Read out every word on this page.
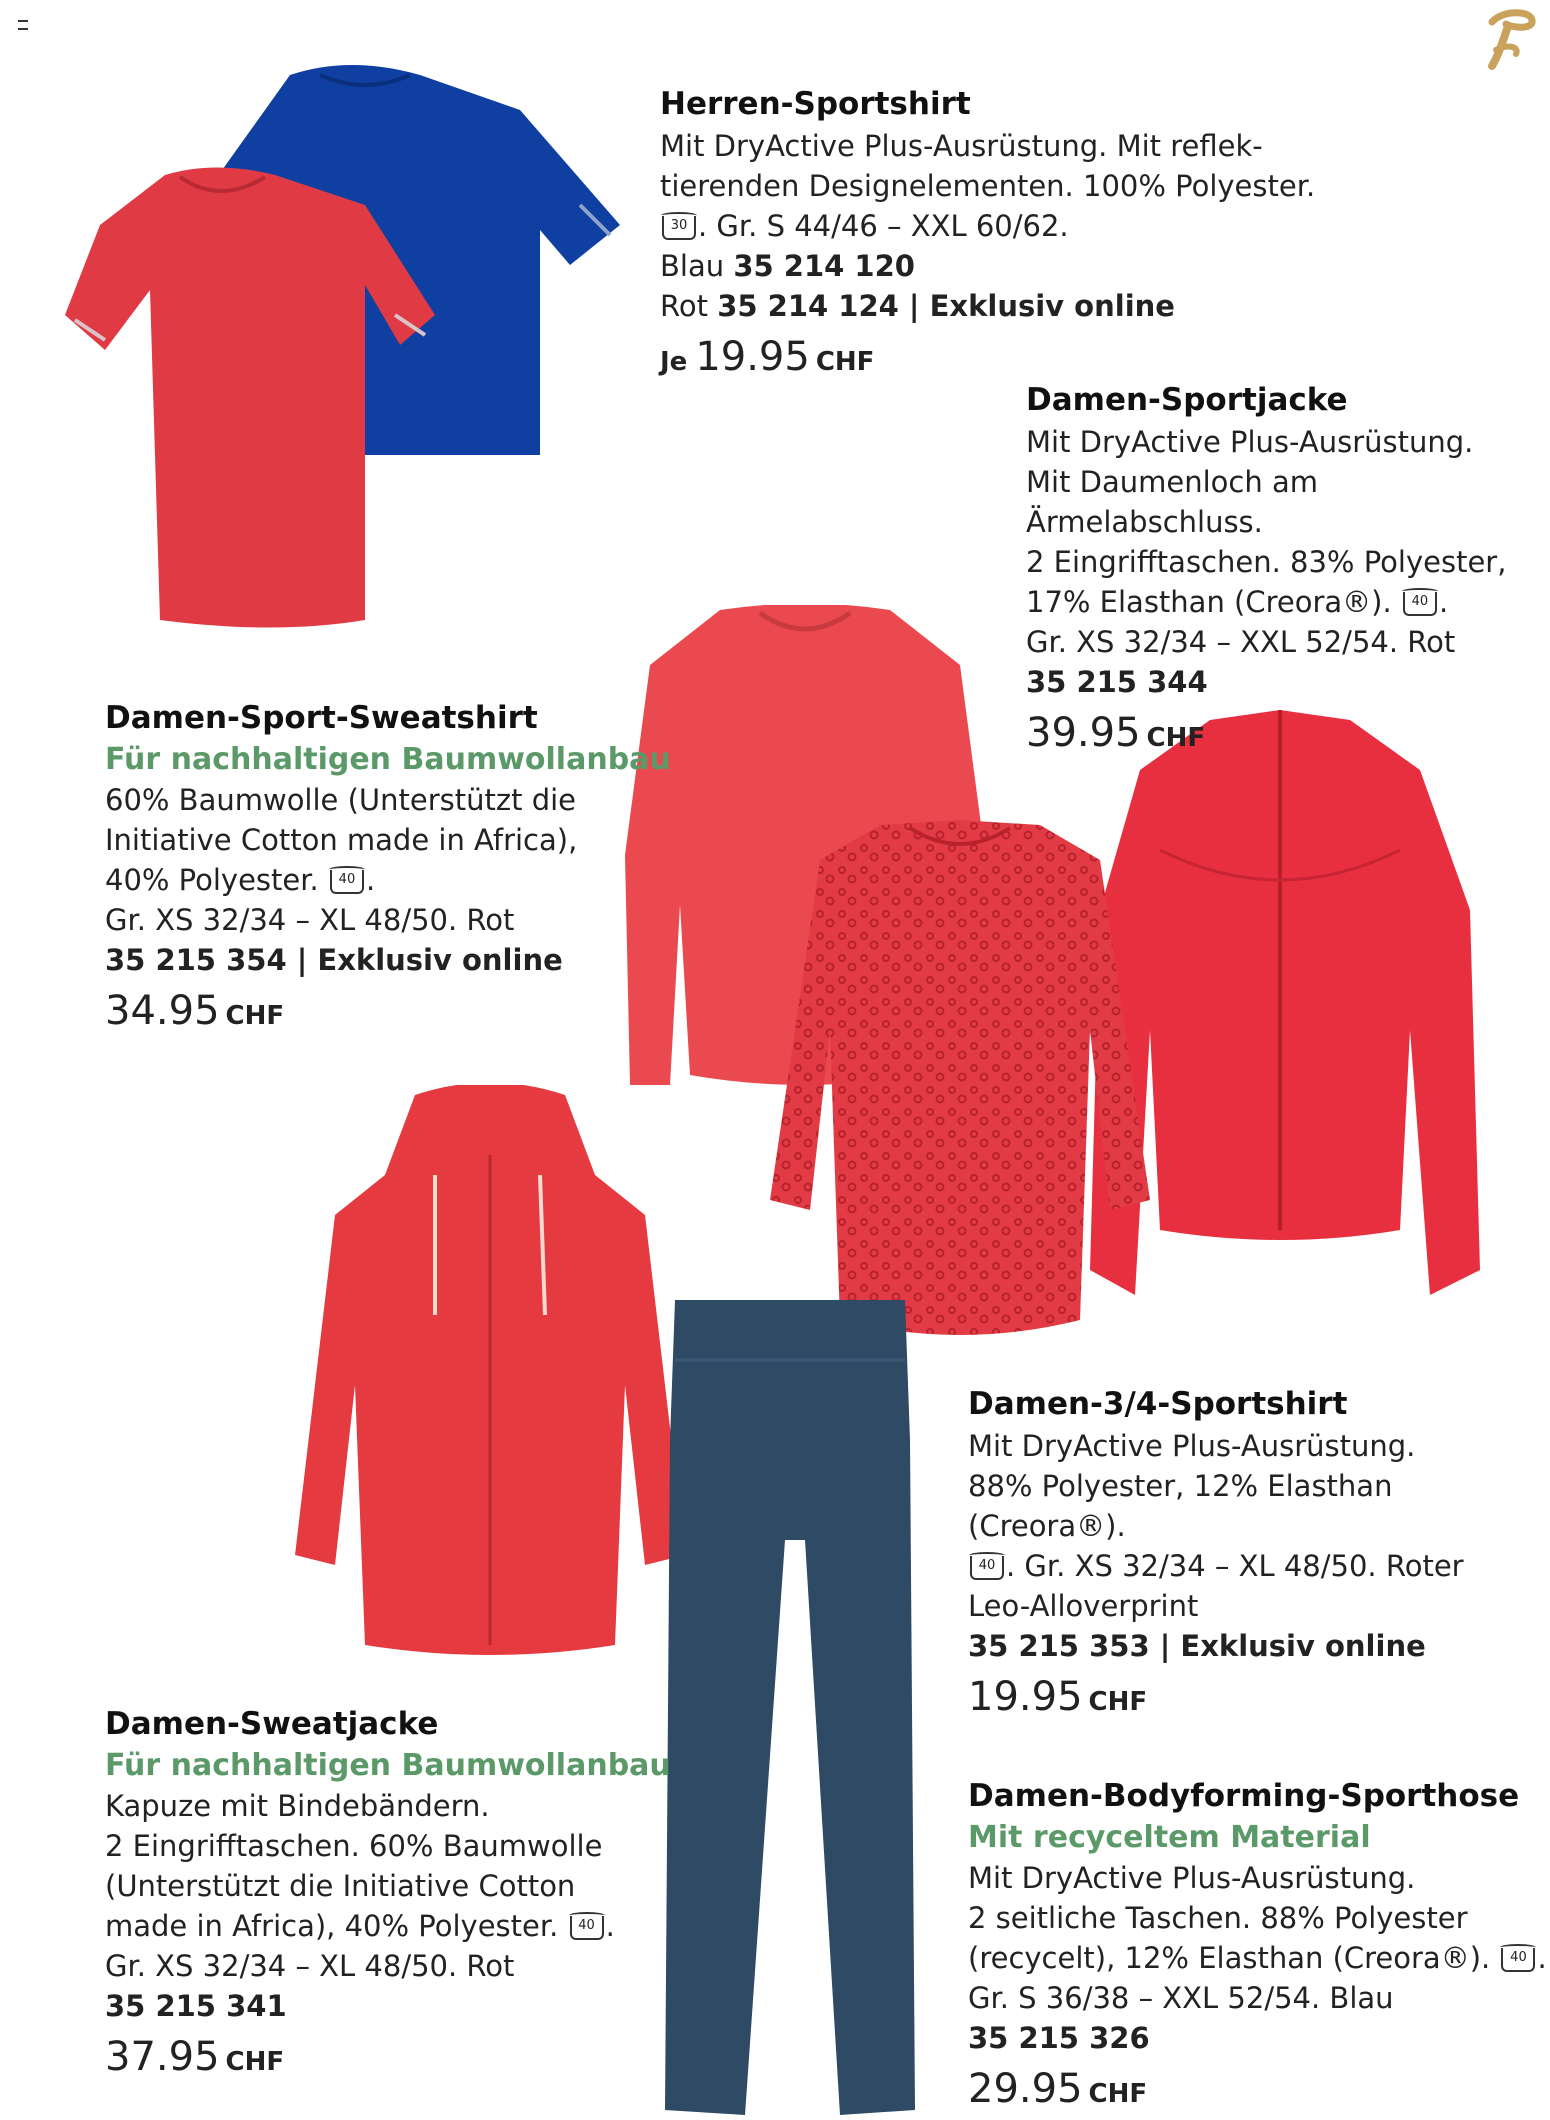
Herren-Sportshirt
Mit DryActive Plus-Ausrüstung. Mit reflek-
tierenden Designelementen. 100% Polyester.
30 . Gr. S 44/46 – XXL 60/62.
Blau 35 214 120
Rot 35 214 124 | Exklusiv online
Je 19.95 CHF
Damen-Sportjacke
Mit DryActive Plus-Ausrüstung.
Mit Daumenloch am Ärmelabschluss.
2 Eingrifftaschen. 83% Polyester,
17% Elasthan (Creora®). 40 .
Gr. XS 32/34 – XXL 52/54. Rot
35 215 344
39.95 CHF
Damen-Sport-Sweatshirt
Für nachhaltigen Baumwollanbau
60% Baumwolle (Unterstützt die
Initiative Cotton made in Africa),
40% Polyester. 40 .
Gr. XS 32/34 – XL 48/50. Rot
35 215 354 | Exklusiv online
34.95 CHF
Damen-3/4-Sportshirt
Mit DryActive Plus-Ausrüstung.
88% Polyester, 12% Elasthan (Creora®).
40 . Gr. XS 32/34 – XL 48/50. Roter
Leo-Alloverprint
35 215 353 | Exklusiv online
19.95 CHF
Damen-Sweatjacke
Für nachhaltigen Baumwollanbau
Kapuze mit Bindebändern.
2 Eingrifftaschen. 60% Baumwolle
(Unterstützt die Initiative Cotton
made in Africa), 40% Polyester. 40 .
Gr. XS 32/34 – XL 48/50. Rot
35 215 341
37.95 CHF
Damen-Bodyforming-Sporthose
Mit recyceltem Material
Mit DryActive Plus-Ausrüstung.
2 seitliche Taschen. 88% Polyester
(recycelt), 12% Elasthan (Creora®). 40 .
Gr. S 36/38 – XXL 52/54. Blau
35 215 326
29.95 CHF
